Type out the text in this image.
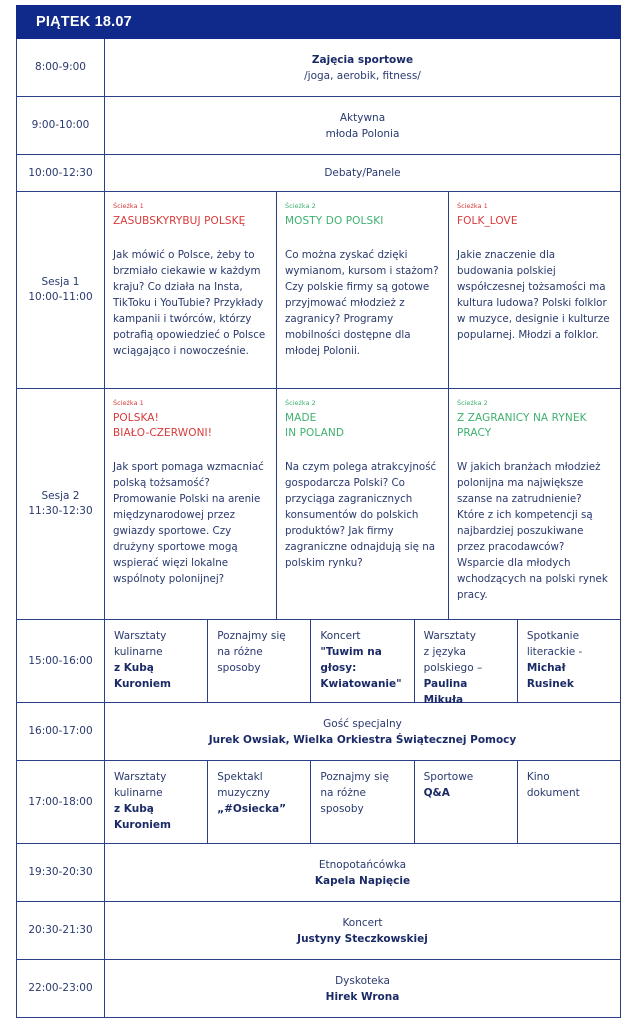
PIĄTEK 18.07
8:00-9:00
Zajęcia sportowe
/joga, aerobik, fitness/
9:00-10:00
Aktywna
młoda Polonia
10:00-12:30	Debaty/Panele
Sesja 1
10:00-11:00
Ścieżka 1
ZASUBSKYRYBUJ POLSKĘ
Jak mówić o Polsce, żeby to brzmiało ciekawie w każdym kraju? Co działa na Insta, TikToku i YouTubie? Przykłady kampanii i twórców, którzy potrafią opowiedzieć o Polsce wciągająco i nowocześnie.
Ścieżka 2
MOSTY DO POLSKI
Co można zyskać dzięki wymianom, kursom i stażom? Czy polskie firmy są gotowe przyjmować młodzież z zagranicy? Programy mobilności dostępne dla młodej Polonii.
Ścieżka 1
FOLK_LOVE
Jakie znaczenie dla budowania polskiej współczesnej tożsamości ma kultura ludowa? Polski folklor w muzyce, designie i kulturze popularnej. Młodzi a folklor.
Sesja 2
11:30-12:30
Ścieżka 1
POLSKA!
BIAŁO-CZERWONI!
Jak sport pomaga wzmacniać polską tożsamość? Promowanie Polski na arenie międzynarodowej przez gwiazdy sportowe. Czy drużyny sportowe mogą wspierać więzi lokalne wspólnoty polonijnej?
Ścieżka 2
MADE
IN POLAND
Na czym polega atrakcyjność gospodarcza Polski? Co przyciąga zagranicznych konsumentów do polskich produktów? Jak firmy zagraniczne odnajdują się na polskim rynku?
Ścieżka 2
Z ZAGRANICY NA RYNEK
PRACY
W jakich branżach młodzież polonijna ma największe szanse na zatrudnienie? Które z ich kompetencji są najbardziej poszukiwane przez pracodawców? Wsparcie dla młodych wchodzących na polski rynek pracy.
15:00-16:00
Warsztaty
kulinarne
z Kubą
Kuroniem
Poznajmy się
na różne
sposoby
Koncert
"Tuwim na
głosy:
Kwiatowanie"
Warsztaty
z języka
polskiego –
Paulina Mikuła
Spotkanie
literackie -
Michał Rusinek
16:00-17:00
Gość specjalny
Jurek Owsiak, Wielka Orkiestra Świątecznej Pomocy
17:00-18:00
Warsztaty
kulinarne
z Kubą
Kuroniem
Spektakl
muzyczny
„#Osiecka”
Poznajmy się
na różne
sposoby
Sportowe
Q&A
Kino
dokument
19:30-20:30
Etnopotańcówka
Kapela Napięcie
20:30-21:30
Koncert
Justyny Steczkowskiej
22:00-23:00
Dyskoteka
Hirek Wrona
